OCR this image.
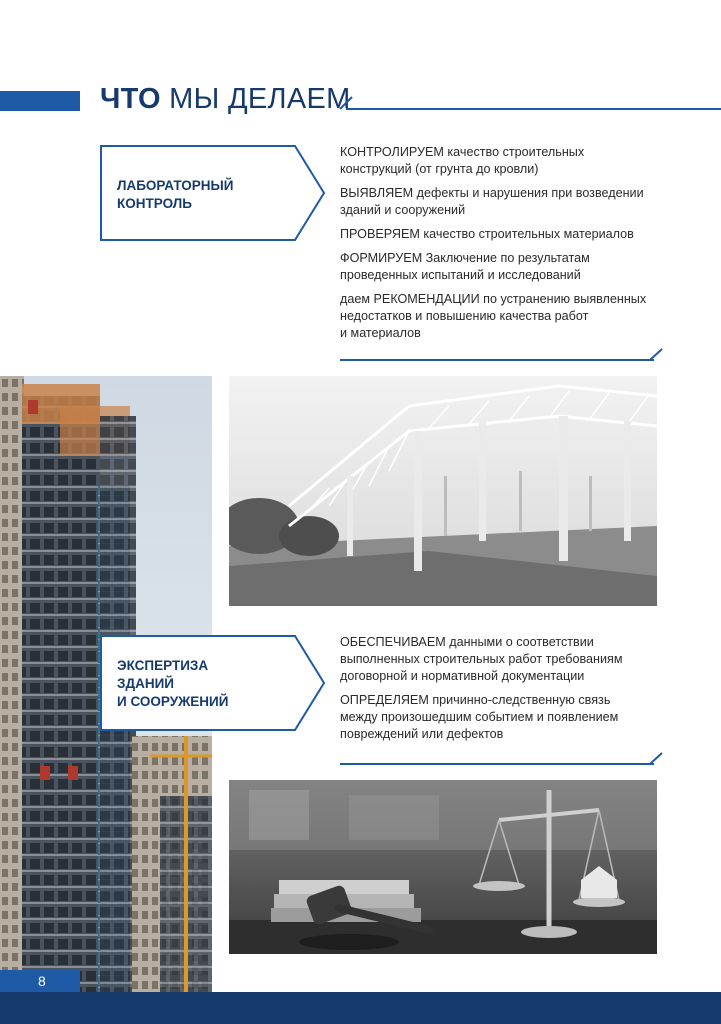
ЧТО МЫ ДЕЛАЕМ
ЛАБОРАТОРНЫЙ
КОНТРОЛЬ

КОНТРОЛИРУЕМ качество строительных
конструкций (от грунта до кровли)

ВЫЯВЛЯЕМ дефекты и нарушения при возведении
зданий и сооружений

ПРОВЕРЯЕМ качество строительных материалов

ФОРМИРУЕМ Заключение по результатам
проведенных испытаний и исследований

даем РЕКОМЕНДАЦИИ по устранению выявленных
недостатков и повышению качества работ
и материалов

ЭКСПЕРТИЗА
ЗДАНИЙ
И СООРУЖЕНИЙ

ОБЕСПЕЧИВАЕМ данными о соответствии
выполненных строительных работ требованиям
договорной и нормативной документации

ОПРЕДЕЛЯЕМ причинно-следственную связь
между произошедшим событием и появлением
повреждений или дефектов

8
